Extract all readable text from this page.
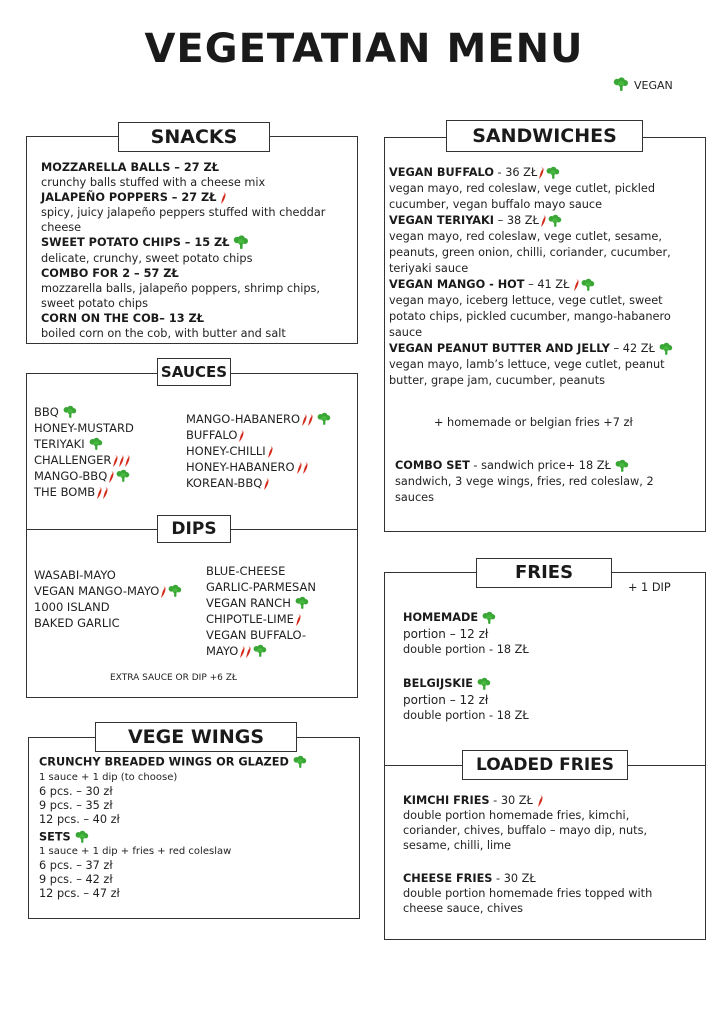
VEGETATIAN MENU
VEGAN
SNACKS
MOZZARELLA BALLS – 27 ZŁ
crunchy balls stuffed with a cheese mix
JALAPEÑO POPPERS – 27 ZŁ
spicy, juicy jalapeño peppers stuffed with cheddar cheese
SWEET POTATO CHIPS – 15 ZŁ
delicate, crunchy, sweet potato chips
COMBO FOR 2 – 57 ZŁ
mozzarella balls, jalapeño poppers, shrimp chips, sweet potato chips
CORN ON THE COB– 13 ZŁ
boiled corn on the cob, with butter and salt
SAUCES
BBQ
HONEY-MUSTARD
TERIYAKI
CHALLENGER
MANGO-BBQ
THE BOMB
MANGO-HABANERO
BUFFALO
HONEY-CHILLI
HONEY-HABANERO
KOREAN-BBQ
DIPS
WASABI-MAYO
VEGAN MANGO-MAYO
1000 ISLAND
BAKED GARLIC
BLUE-CHEESE
GARLIC-PARMESAN
VEGAN RANCH
CHIPOTLE-LIME
VEGAN BUFFALO-
MAYO
EXTRA SAUCE OR DIP +6 ZŁ
VEGE WINGS
CRUNCHY BREADED WINGS OR GLAZED
1 sauce + 1 dip (to choose)
6 pcs. – 30 zł
9 pcs. – 35 zł
12 pcs. – 40 zł
SETS
1 sauce + 1 dip + fries + red coleslaw
6 pcs. – 37 zł
9 pcs. – 42 zł
12 pcs. – 47 zł
SANDWICHES
VEGAN BUFFALO - 36 ZŁ
vegan mayo, red coleslaw, vege cutlet, pickled cucumber, vegan buffalo mayo sauce
VEGAN TERIYAKI – 38 ZŁ
vegan mayo, red coleslaw, vege cutlet, sesame, peanuts, green onion, chilli, coriander, cucumber, teriyaki sauce
VEGAN MANGO - HOT – 41 ZŁ
vegan mayo, iceberg lettuce, vege cutlet, sweet potato chips, pickled cucumber, mango-habanero sauce
VEGAN PEANUT BUTTER AND JELLY – 42 ZŁ
vegan mayo, lamb’s lettuce, vege cutlet, peanut butter, grape jam, cucumber, peanuts
+ homemade or belgian fries +7 zł
COMBO SET - sandwich price+ 18 ZŁ
sandwich, 3 vege wings, fries, red coleslaw, 2 sauces
FRIES
+ 1 DIP
HOMEMADE
portion – 12 zł
double portion - 18 ZŁ
BELGIJSKIE
portion – 12 zł
double portion - 18 ZŁ
LOADED FRIES
KIMCHI FRIES - 30 ZŁ
double portion homemade fries, kimchi, coriander, chives, buffalo – mayo dip, nuts, sesame, chilli, lime
CHEESE FRIES - 30 ZŁ
double portion homemade fries topped with cheese sauce, chives
